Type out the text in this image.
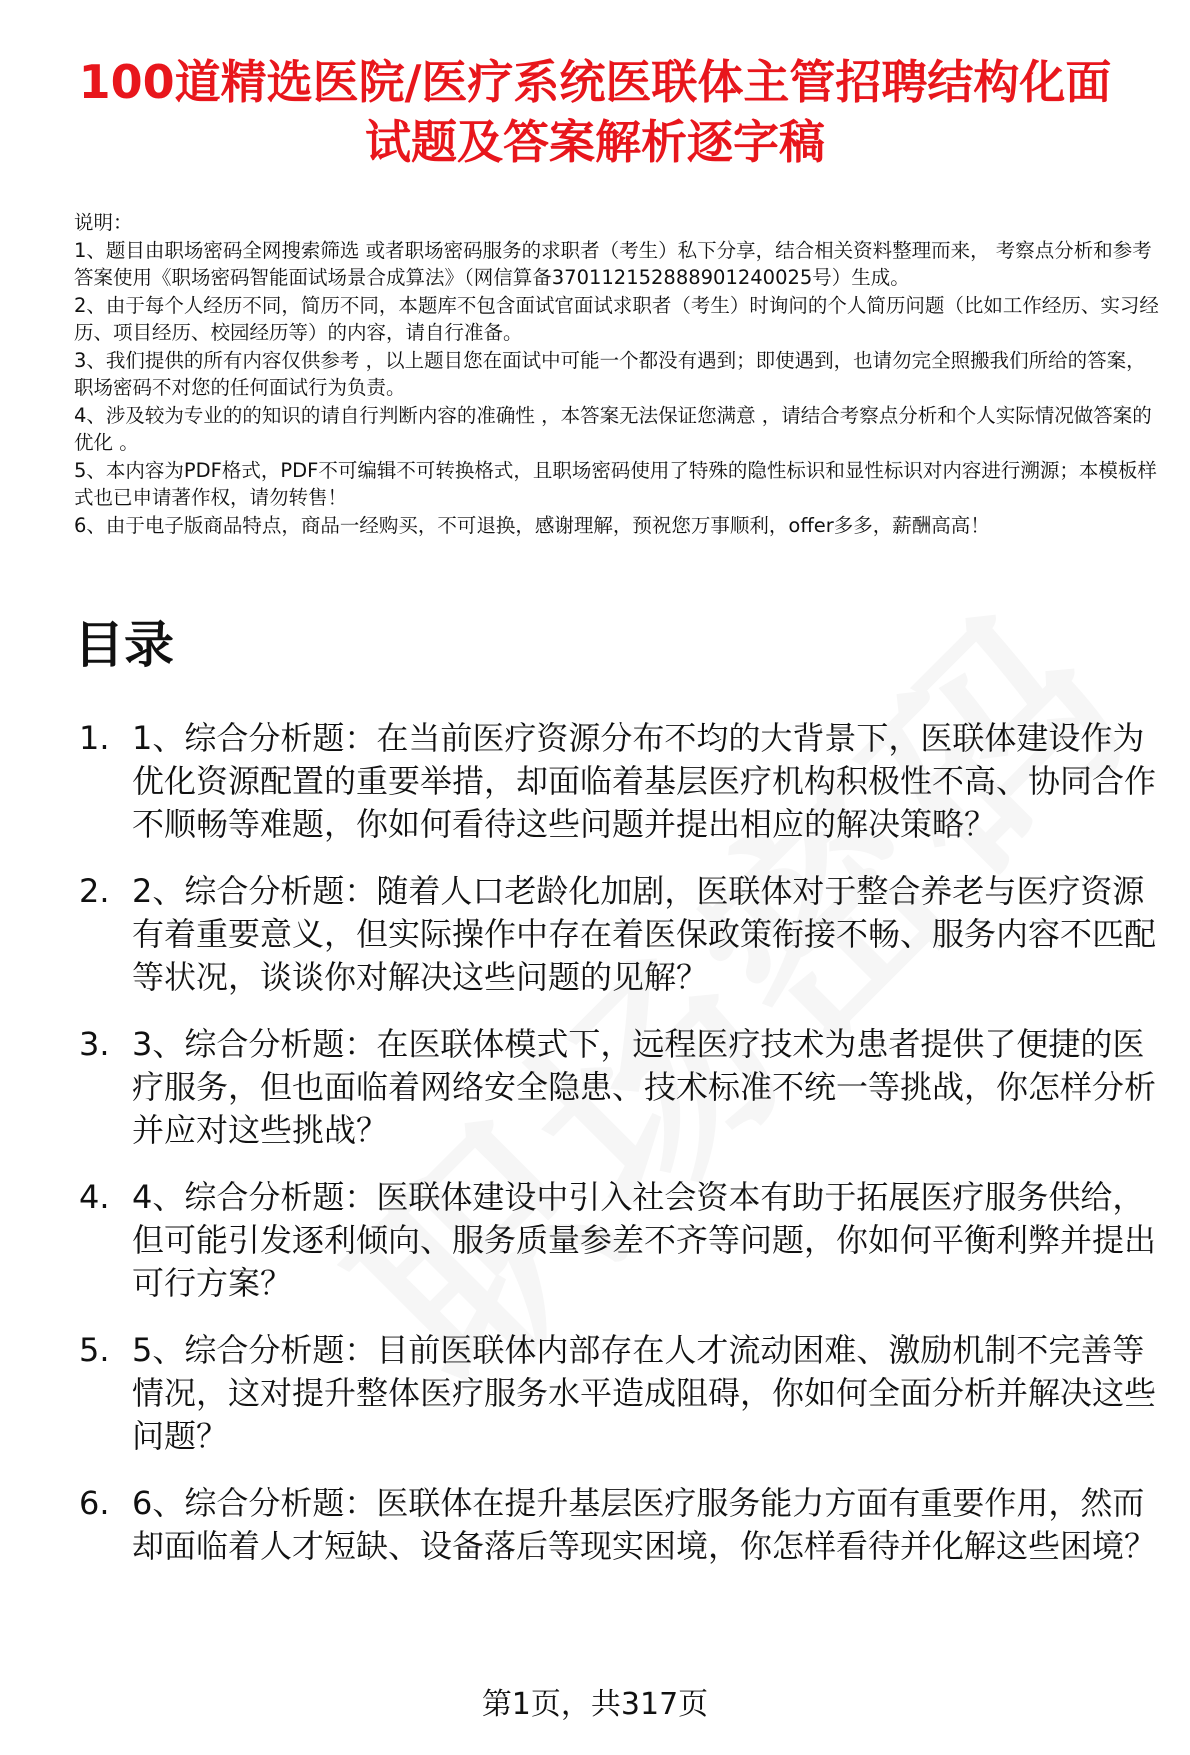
100道精选医院/医疗系统医联体主管招聘结构化面试题及答案解析逐字稿

说明：

1、题目由职场密码全网搜索筛选 或者职场密码服务的求职者（考生）私下分享，结合相关资料整理而来， 考察点分析和参考答案使用《职场密码智能面试场景合成算法》（网信算备370112152888901240025号）生成。

2、由于每个人经历不同，简历不同，本题库不包含面试官面试求职者（考生）时询问的个人简历问题（比如工作经历、实习经历、项目经历、校园经历等）的内容，请自行准备。

3、我们提供的所有内容仅供参考 ，以上题目您在面试中可能一个都没有遇到；即使遇到，也请勿完全照搬我们所给的答案，职场密码不对您的任何面试行为负责。

4、涉及较为专业的的知识的请自行判断内容的准确性 ，本答案无法保证您满意 ，请结合考察点分析和个人实际情况做答案的优化 。

5、本内容为PDF格式，PDF不可编辑不可转换格式，且职场密码使用了特殊的隐性标识和显性标识对内容进行溯源；本模板样式也已申请著作权，请勿转售！

6、由于电子版商品特点，商品一经购买，不可退换，感谢理解，预祝您万事顺利，offer多多，薪酬高高！

目录
1. 1、综合分析题：在当前医疗资源分布不均的大背景下，医联体建设作为优化资源配置的重要举措，却面临着基层医疗机构积极性不高、协同合作不顺畅等难题，你如何看待这些问题并提出相应的解决策略？
2. 2、综合分析题：随着人口老龄化加剧，医联体对于整合养老与医疗资源有着重要意义，但实际操作中存在着医保政策衔接不畅、服务内容不匹配等状况，谈谈你对解决这些问题的见解？
3. 3、综合分析题：在医联体模式下，远程医疗技术为患者提供了便捷的医疗服务，但也面临着网络安全隐患、技术标准不统一等挑战，你怎样分析并应对这些挑战？
4. 4、综合分析题：医联体建设中引入社会资本有助于拓展医疗服务供给，但可能引发逐利倾向、服务质量参差不齐等问题，你如何平衡利弊并提出可行方案？
5. 5、综合分析题：目前医联体内部存在人才流动困难、激励机制不完善等情况，这对提升整体医疗服务水平造成阻碍，你如何全面分析并解决这些问题？
6. 6、综合分析题：医联体在提升基层医疗服务能力方面有重要作用，然而却面临着人才短缺、设备落后等现实困境，你怎样看待并化解这些困境？
第1页，共317页
